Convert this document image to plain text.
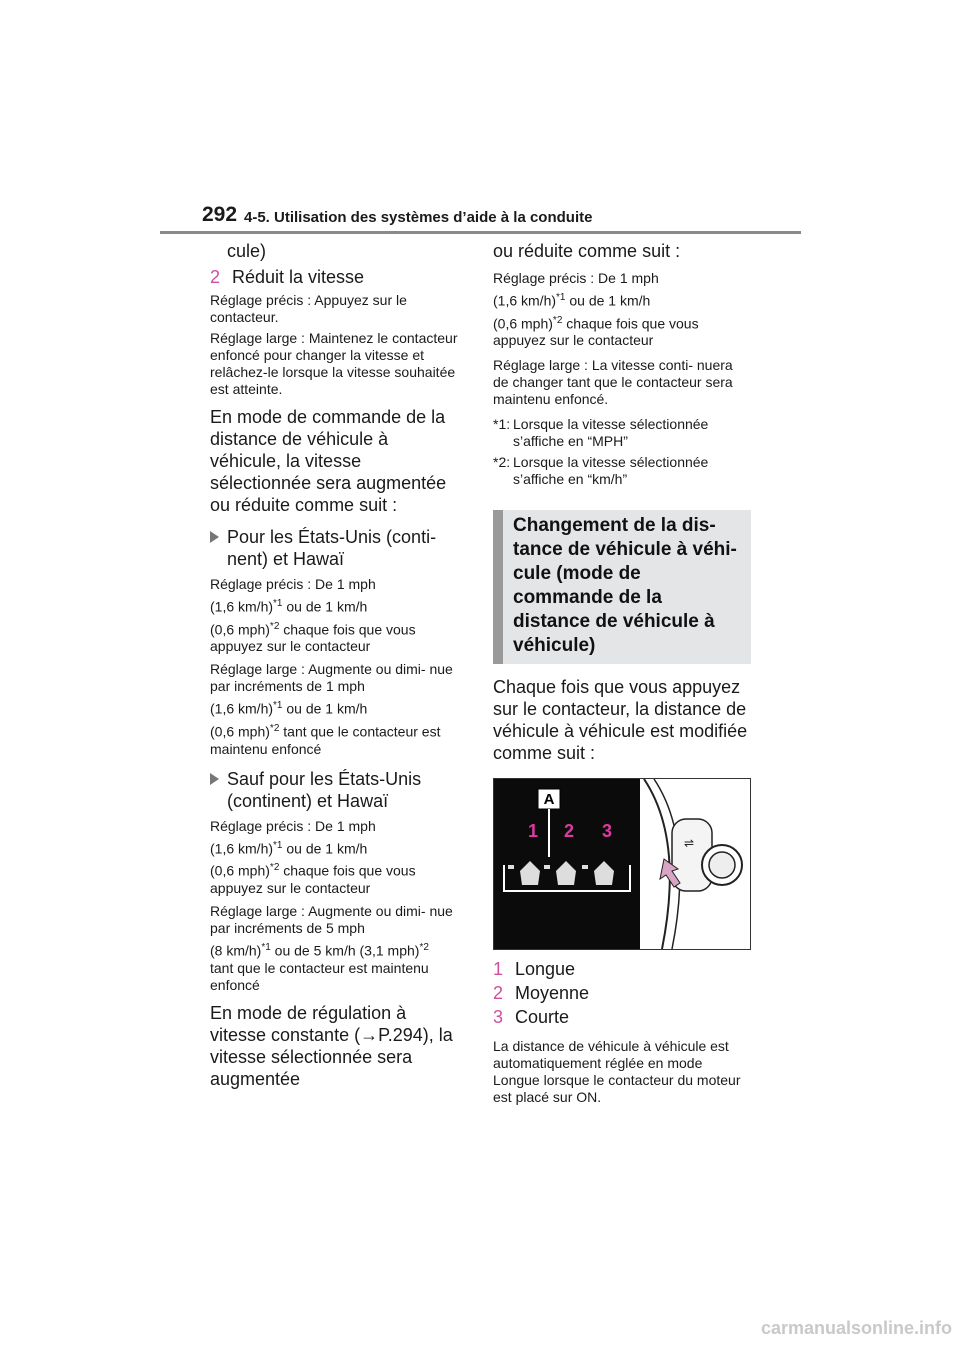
292 4-5. Utilisation des systèmes d’aide à la conduite
cule)
2 Réduit la vitesse
Réglage précis : Appuyez sur le contacteur.
Réglage large : Maintenez le contacteur enfoncé pour changer la vitesse et relâchez-le lorsque la vitesse souhaitée est atteinte.
En mode de commande de la distance de véhicule à véhicule, la vitesse sélectionnée sera augmentée ou réduite comme suit :
Pour les États-Unis (conti- nent) et Hawaï
Réglage précis : De 1 mph
(1,6 km/h)$^{*1}$ ou de 1 km/h
(0,6 mph)$^{*2}$ chaque fois que vous appuyez sur le contacteur
Réglage large : Augmente ou dimi- nue par incréments de 1 mph
(1,6 km/h)$^{*1}$ ou de 1 km/h
(0,6 mph)$^{*2}$ tant que le contacteur est maintenu enfoncé
Sauf pour les États-Unis (continent) et Hawaï
Réglage précis : De 1 mph
(1,6 km/h)$^{*1}$ ou de 1 km/h
(0,6 mph)$^{*2}$ chaque fois que vous appuyez sur le contacteur
Réglage large : Augmente ou dimi- nue par incréments de 5 mph
(8 km/h)$^{*1}$ ou de 5 km/h (3,1 mph)$^{*2}$
tant que le contacteur est maintenu enfoncé
En mode de régulation à vitesse constante (→P.294), la vitesse sélectionnée sera augmentée
ou réduite comme suit :
Réglage précis : De 1 mph
(1,6 km/h)$^{*1}$ ou de 1 km/h
(0,6 mph)$^{*2}$ chaque fois que vous appuyez sur le contacteur
Réglage large : La vitesse conti- nuera de changer tant que le contacteur sera maintenu enfoncé.
*1: Lorsque la vitesse sélectionnée s’affiche en “MPH”
*2: Lorsque la vitesse sélectionnée s’affiche en “km/h”
Changement de la dis- tance de véhicule à véhi- cule (mode de commande de la distance de véhicule à véhicule)
Chaque fois que vous appuyez sur le contacteur, la distance de véhicule à véhicule est modifiée comme suit :
⇌
A
1 2 3
1 Longue
2 Moyenne
3 Courte
La distance de véhicule à véhicule est automatiquement réglée en mode Longue lorsque le contacteur du moteur est placé sur ON.
carmanualsonline.info
